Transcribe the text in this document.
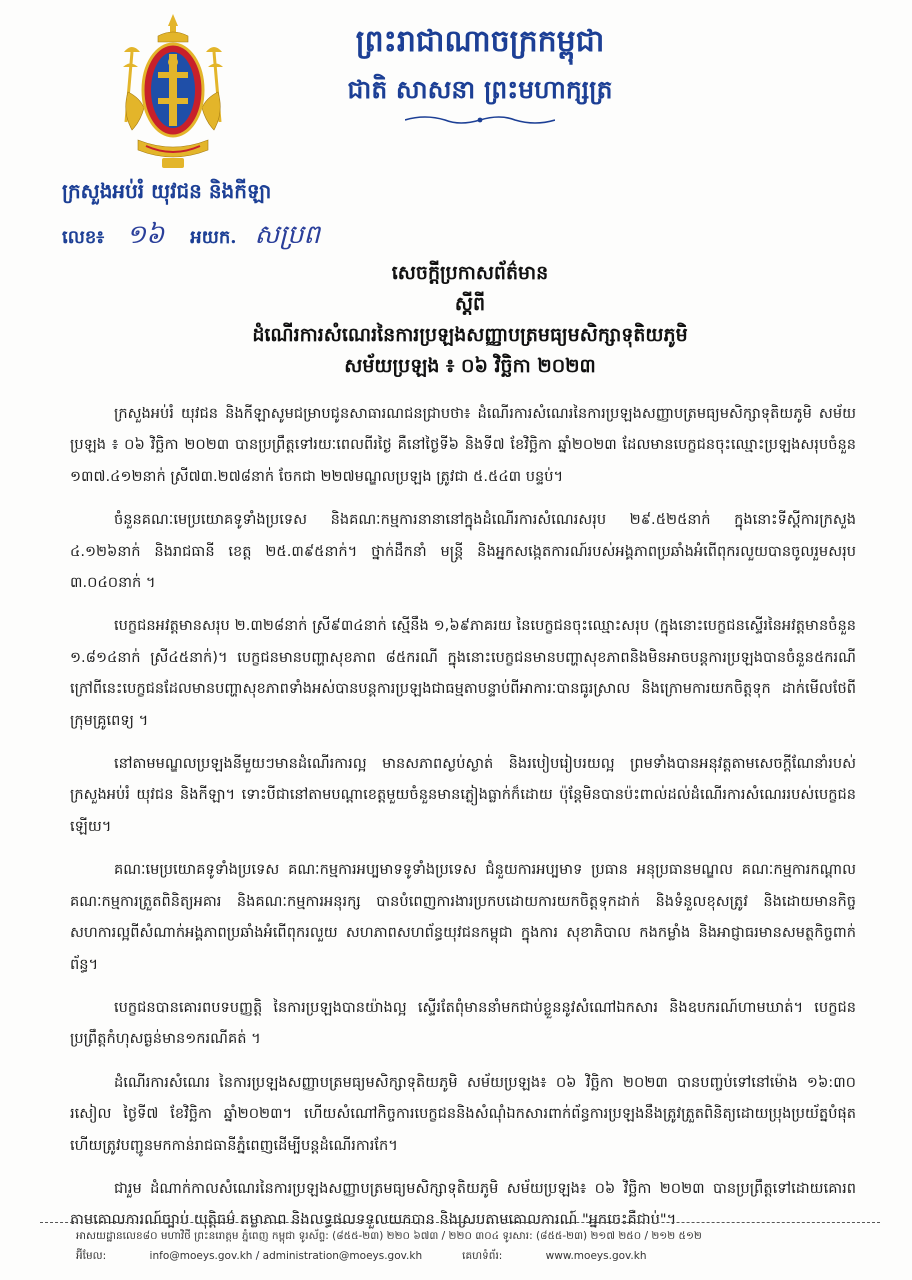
ព្រះរាជាណាចក្រកម្ពុជា
ជាតិ សាសនា ព្រះមហាក្សត្រ
ក្រសួងអប់រំ យុវជន និងកីឡា
លេខ៖ ១៦ អយក. សប្រព
សេចក្តីប្រកាសព័ត៌មាន
ស្តីពី
ដំណើរការសំណេរនៃការប្រឡងសញ្ញាបត្រមធ្យមសិក្សាទុតិយភូមិ
សម័យប្រឡង ៖ ០៦ វិច្ឆិកា ២០២៣

ក្រសួងអប់រំ យុវជន និងកីឡាសូមជម្រាបជូនសាធារណជនជ្រាបថា៖ ដំណើរការសំណេរនៃការប្រឡងសញ្ញាបត្រមធ្យមសិក្សាទុតិយភូមិ សម័យប្រឡង ៖ ០៦ វិច្ឆិកា ២០២៣ បានប្រព្រឹត្តទៅរយៈពេលពីរថ្ងៃ គឺនៅថ្ងៃទី៦ និងទី៧ ខែវិច្ឆិកា ឆ្នាំ២០២៣ ដែលមានបេក្ខជនចុះឈ្មោះប្រឡងសរុបចំនួន ១៣៧.៤១២នាក់ ស្រី៧៣.២៧៨នាក់ ចែកជា ២២៧មណ្ឌលប្រឡង ត្រូវជា ៥.៥៤៣ បន្ទប់។

ចំនួនគណៈមេប្រយោគទូទាំងប្រទេស និងគណៈកម្មការនានានៅក្នុងដំណើរការសំណេរសរុប ២៩.៥២៥នាក់ ក្នុងនោះទីស្តីការក្រសួង ៤.១២៦នាក់ និងរាជធានី ខេត្ត ២៥.៣៩៥នាក់។ ថ្នាក់ដឹកនាំ មន្ត្រី និងអ្នកសង្កេតការណ៍របស់អង្គភាពប្រឆាំងអំពើពុករលួយបានចូលរួមសរុប ៣.០៤០នាក់ ។

បេក្ខជនអវត្តមានសរុប ២.៣២៨នាក់ ស្រី៩៣៤នាក់ ស្មើនឹង ១,៦៩ភាគរយ នៃបេក្ខជនចុះឈ្មោះសរុប (ក្នុងនោះបេក្ខជនស្ទើរនៃអវត្តមានចំនួន ១.៨១៤នាក់ ស្រី៤៥នាក់)។ បេក្ខជនមានបញ្ហាសុខភាព ៨៥ករណី ក្នុងនោះបេក្ខជនមានបញ្ហាសុខភាពនិងមិនអាចបន្តការប្រឡងបានចំនួន៥ករណី ក្រៅពីនេះបេក្ខជនដែលមានបញ្ហាសុខភាពទាំងអស់បានបន្តការប្រឡងជាធម្មតាបន្ទាប់ពីអាការៈបានធូរស្រាល និងក្រោមការយកចិត្តទុក ដាក់មើលថែពីក្រុមគ្រូពេទ្យ ។

នៅតាមមណ្ឌលប្រឡងនីមួយៗមានដំណើរការល្អ មានសភាពស្ងប់ស្ងាត់ និងរបៀបរៀបរយល្អ ព្រមទាំងបានអនុវត្តតាមសេចក្តីណែនាំរបស់ក្រសួងអប់រំ យុវជន និងកីឡា។ ទោះបីជានៅតាមបណ្តាខេត្តមួយចំនួនមានភ្លៀងធ្លាក់ក៏ដោយ ប៉ុន្តែមិនបានប៉ះពាល់ដល់ដំណើរការសំណេររបស់បេក្ខជនឡើយ។

គណៈមេប្រយោគទូទាំងប្រទេស គណៈកម្មការអប្បមាទទូទាំងប្រទេស ជំនួយការអប្បមាទ ប្រធាន អនុប្រធានមណ្ឌល គណៈកម្មការកណ្តាល គណៈកម្មការត្រួតពិនិត្យអគារ និងគណៈកម្មការអនុរក្ស បានបំពេញការងារប្រកបដោយការយកចិត្តទុកដាក់ និងទំនួលខុសត្រូវ និងដោយមានកិច្ចសហការល្អពីសំណាក់អង្គភាពប្រឆាំងអំពើពុករលួយ សហភាពសហព័ន្ធយុវជនកម្ពុជា ក្នុងការ សុខាភិបាល កងកម្លាំង និងអាជ្ញាធរមានសមត្ថកិច្ចពាក់ព័ន្ធ។

បេក្ខជនបានគោរពបទបញ្ញត្តិ នៃការប្រឡងបានយ៉ាងល្អ ស្ទើរតែពុំមាននាំមកជាប់ខ្លួននូវសំណៅឯកសារ និងឧបករណ៍ហាមឃាត់។ បេក្ខជនប្រព្រឹត្តកំហុសធ្ងន់មាន១ករណីគត់ ។

ដំណើរការសំណេរ នៃការប្រឡងសញ្ញាបត្រមធ្យមសិក្សាទុតិយភូមិ សម័យប្រឡង៖ ០៦ វិច្ឆិកា ២០២៣ បានបញ្ចប់ទៅនៅម៉ោង ១៦:៣០ រសៀល ថ្ងៃទី៧ ខែវិច្ឆិកា ឆ្នាំ២០២៣។ ហើយសំណៅកិច្ចការបេក្ខជននិងសំណុំឯកសារពាក់ព័ន្ធការប្រឡងនឹងត្រូវត្រួតពិនិត្យដោយប្រុងប្រយ័ត្នបំផុត ហើយត្រូវបញ្ជូនមកកាន់រាជធានីភ្នំពេញដើម្បីបន្តដំណើរការកែ។

ជារួម ដំណាក់កាលសំណេរនៃការប្រឡងសញ្ញាបត្រមធ្យមសិក្សាទុតិយភូមិ សម័យប្រឡង៖ ០៦ វិច្ឆិកា ២០២៣ បានប្រព្រឹត្តទៅដោយគោរពតាមគោលការណ៍ច្បាប់ យុត្តិធម៌ តម្លាភាព និងលទ្ធផលទទួលយកបាន និងស្របតាមគោលការណ៍ "អ្នកចេះគឺជាប់"។

អាសយដ្ឋានលេខ៨០ មហាវិថី ព្រះនរោត្តម ភ្នំពេញ កម្ពុជា ទូរស័ព្ទ: (៨៥៥-២៣) ២២០ ៦៧៣ / ២២០ ៣០៤ ទូរសារ: (៨៥៥-២៣) ២១៧ ២៥០ / ២១២ ៥១២
អ៊ីមែល:	info@moeys.gov.kh / administration@moeys.gov.kh	គេហទំព័រ:	www.moeys.gov.kh
